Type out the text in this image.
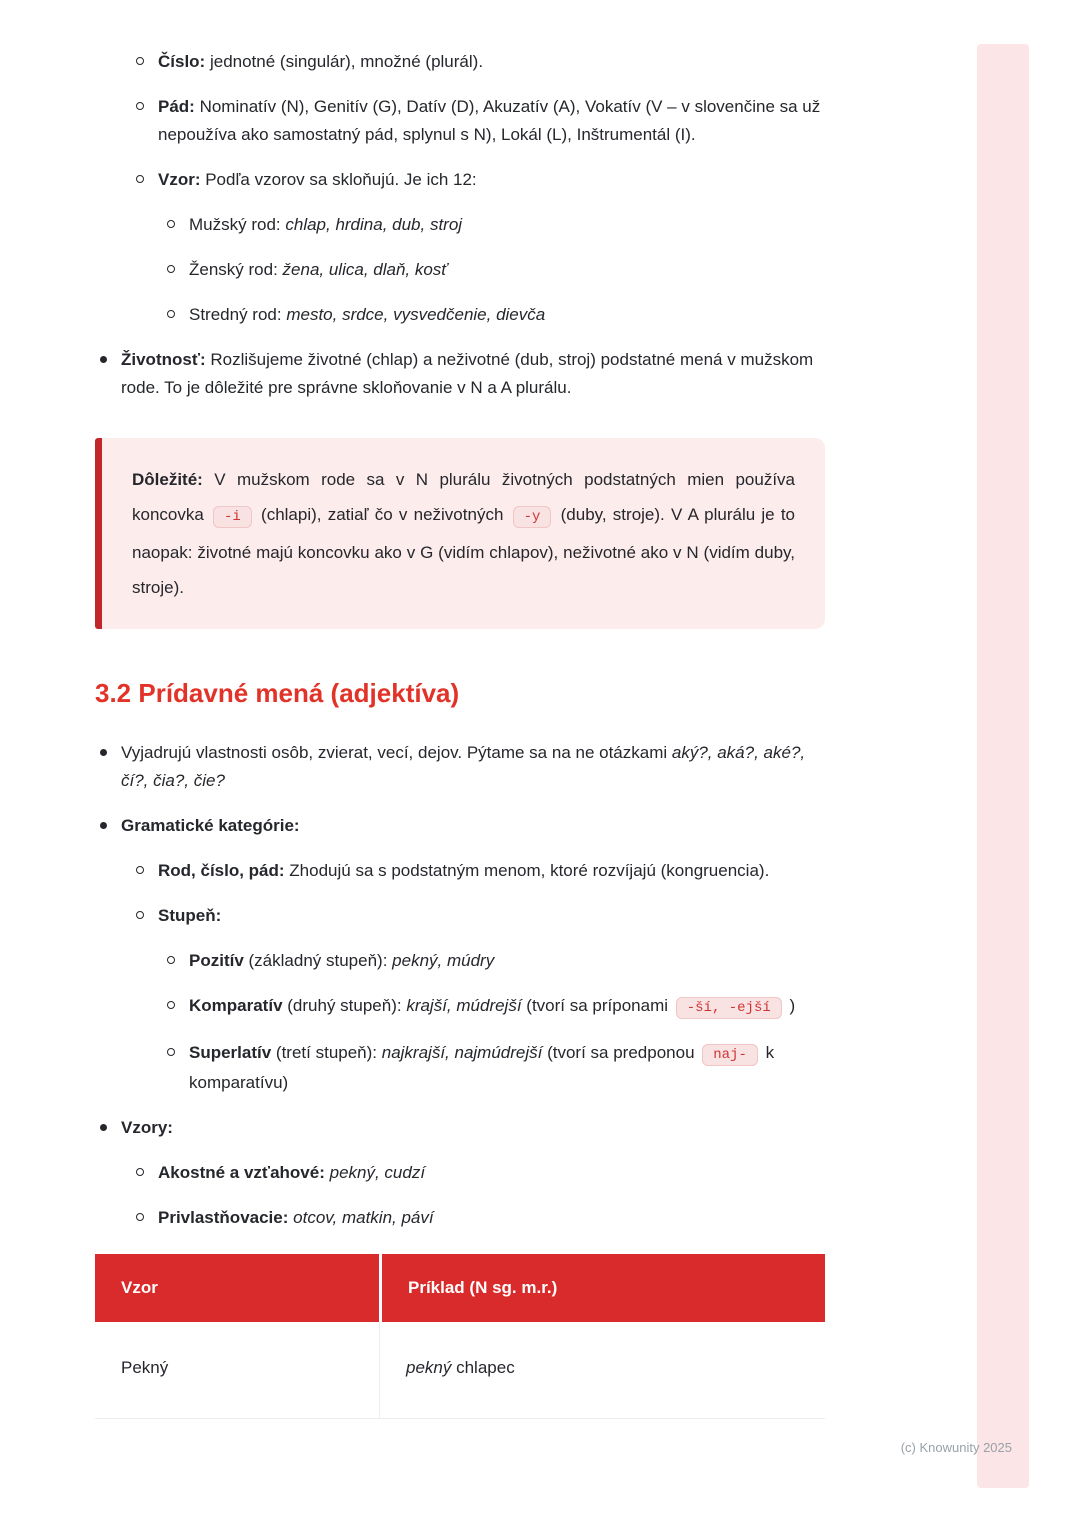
Číslo: jednotné (singulár), množné (plurál).
Pád: Nominatív (N), Genitív (G), Datív (D), Akuzatív (A), Vokatív (V – v slovenčine sa už nepoužíva ako samostatný pád, splynul s N), Lokál (L), Inštrumentál (I).
Vzor: Podľa vzorov sa skloňujú. Je ich 12:
Mužský rod: chlap, hrdina, dub, stroj
Ženský rod: žena, ulica, dlaň, kosť
Stredný rod: mesto, srdce, vysvedčenie, dievča
Životnosť: Rozlišujeme životné (chlap) a neživotné (dub, stroj) podstatné mená v mužskom rode. To je dôležité pre správne skloňovanie v N a A plurálu.
Dôležité: V mužskom rode sa v N plurálu životných podstatných mien používa koncovka -i (chlapi), zatiaľ čo v neživotných -y (duby, stroje). V A plurálu je to naopak: životné majú koncovku ako v G (vidím chlapov), neživotné ako v N (vidím duby, stroje).
3.2 Prídavné mená (adjektíva)
Vyjadrujú vlastnosti osôb, zvierat, vecí, dejov. Pýtame sa na ne otázkami aký?, aká?, aké?, čí?, čia?, čie?
Gramatické kategórie:
Rod, číslo, pád: Zhodujú sa s podstatným menom, ktoré rozvíjajú (kongruencia).
Stupeň:
Pozitív (základný stupeň): pekný, múdry
Komparatív (druhý stupeň): krajší, múdrejší (tvorí sa príponami -ší, -ejší )
Superlatív (tretí stupeň): najkrajší, najmúdrejší (tvorí sa predponou naj- k komparatívu)
Vzory:
Akostné a vzťahové: pekný, cudzí
Privlastňovacie: otcov, matkin, páví
Vzor	Príklad (N sg. m.r.)
Pekný	pekný chlapec
(c) Knowunity 2025
